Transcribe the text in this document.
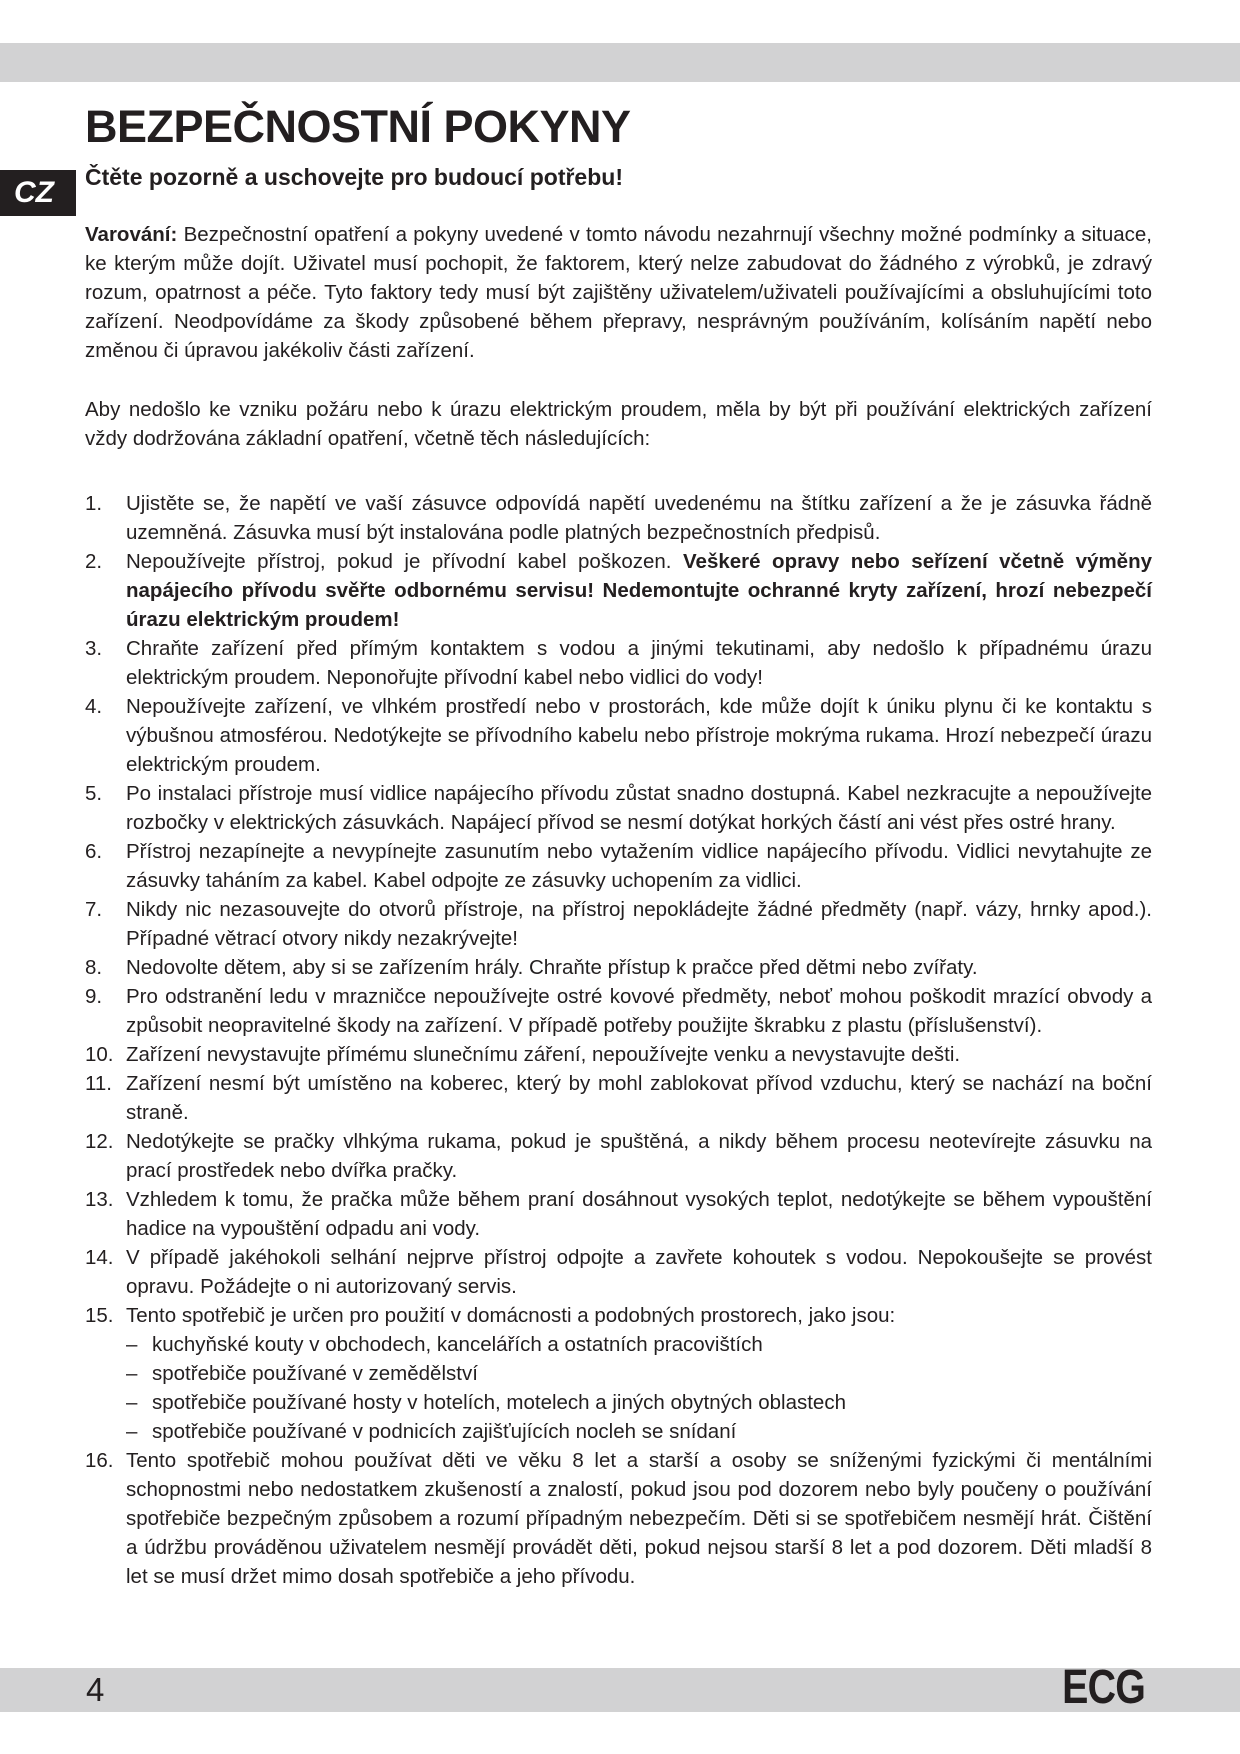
CZ
BEZPEČNOSTNÍ POKYNY
Čtěte pozorně a uschovejte pro budoucí potřebu!

Varování: Bezpečnostní opatření a pokyny uvedené v tomto návodu nezahrnují všechny možné podmínky a situace, ke kterým může dojít. Uživatel musí pochopit, že faktorem, který nelze zabudovat do žádného z výrobků, je zdravý rozum, opatrnost a péče. Tyto faktory tedy musí být zajištěny uživatelem/uživateli používajícími a obsluhujícími toto zařízení. Neodpovídáme za škody způsobené během přepravy, nesprávným používáním, kolísáním napětí nebo změnou či úpravou jakékoliv části zařízení.

Aby nedošlo ke vzniku požáru nebo k úrazu elektrickým proudem, měla by být při používání elektrických zařízení vždy dodržována základní opatření, včetně těch následujících:

1.	Ujistěte se, že napětí ve vaší zásuvce odpovídá napětí uvedenému na štítku zařízení a že je zásuvka řádně uzemněná. Zásuvka musí být instalována podle platných bezpečnostních předpisů.
2.	Nepoužívejte přístroj, pokud je přívodní kabel poškozen. Veškeré opravy nebo seřízení včetně výměny napájecího přívodu svěřte odbornému servisu! Nedemontujte ochranné kryty zařízení, hrozí nebezpečí úrazu elektrickým proudem!
3.	Chraňte zařízení před přímým kontaktem s vodou a jinými tekutinami, aby nedošlo k případnému úrazu elektrickým proudem. Neponořujte přívodní kabel nebo vidlici do vody!
4.	Nepoužívejte zařízení, ve vlhkém prostředí nebo v prostorách, kde může dojít k úniku plynu či ke kontaktu s výbušnou atmosférou. Nedotýkejte se přívodního kabelu nebo přístroje mokrýma rukama. Hrozí nebezpečí úrazu elektrickým proudem.
5.	Po instalaci přístroje musí vidlice napájecího přívodu zůstat snadno dostupná. Kabel nezkracujte a nepoužívejte rozbočky v elektrických zásuvkách. Napájecí přívod se nesmí dotýkat horkých částí ani vést přes ostré hrany.
6.	Přístroj nezapínejte a nevypínejte zasunutím nebo vytažením vidlice napájecího přívodu. Vidlici nevytahujte ze zásuvky taháním za kabel. Kabel odpojte ze zásuvky uchopením za vidlici.
7.	Nikdy nic nezasouvejte do otvorů přístroje, na přístroj nepokládejte žádné předměty (např. vázy, hrnky apod.). Případné větrací otvory nikdy nezakrývejte!
8.	Nedovolte dětem, aby si se zařízením hrály. Chraňte přístup k pračce před dětmi nebo zvířaty.
9.	Pro odstranění ledu v mrazničce nepoužívejte ostré kovové předměty, neboť mohou poškodit mrazící obvody a způsobit neopravitelné škody na zařízení. V případě potřeby použijte škrabku z plastu (příslušenství).
10. Zařízení nevystavujte přímému slunečnímu záření, nepoužívejte venku a nevystavujte dešti.
11. Zařízení nesmí být umístěno na koberec, který by mohl zablokovat přívod vzduchu, který se nachází na boční straně.
12. Nedotýkejte se pračky vlhkýma rukama, pokud je spuštěná, a nikdy během procesu neotevírejte zásuvku na prací prostředek nebo dvířka pračky.
13. Vzhledem k tomu, že pračka může během praní dosáhnout vysokých teplot, nedotýkejte se během vypouštění hadice na vypouštění odpadu ani vody.
14. V případě jakéhokoli selhání nejprve přístroj odpojte a zavřete kohoutek s vodou. Nepokoušejte se provést opravu. Požádejte o ni autorizovaný servis.
15. Tento spotřebič je určen pro použití v domácnosti a podobných prostorech, jako jsou:
– kuchyňské kouty v obchodech, kancelářích a ostatních pracovištích
– spotřebiče používané v zemědělství
– spotřebiče používané hosty v hotelích, motelech a jiných obytných oblastech
– spotřebiče používané v podnicích zajišťujících nocleh se snídaní
16. Tento spotřebič mohou používat děti ve věku 8 let a starší a osoby se sníženými fyzickými či mentálními schopnostmi nebo nedostatkem zkušeností a znalostí, pokud jsou pod dozorem nebo byly poučeny o používání spotřebiče bezpečným způsobem a rozumí případným nebezpečím. Děti si se spotřebičem nesmějí hrát. Čištění a údržbu prováděnou uživatelem nesmějí provádět děti, pokud nejsou starší 8 let a pod dozorem. Děti mladší 8 let se musí držet mimo dosah spotřebiče a jeho přívodu.
4	ECG
